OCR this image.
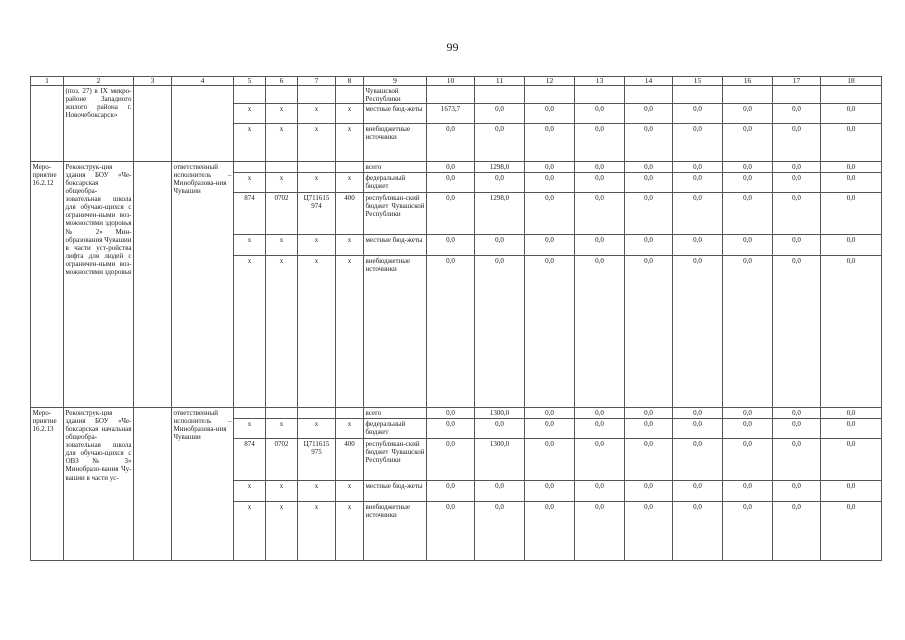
99
1	2	3	4	5	6	7	8	9	10	11	12	13	14	15	16	17	18
	(поз. 27) в IX микро-районе Западного жилого района г. Новочебоксарск»							Чувашской Республики									
				x	x	x	x	местные бюд-жеты	1673,7	0,0	0,0	0,0	0,0	0,0	0,0	0,0	0,0
				x	x	x	x	внебюджетные источники	0,0	0,0	0,0	0,0	0,0	0,0	0,0	0,0	0,0
Меро-приятие 16.2.12	Реконструк-ция здания БОУ «Че-боксарская общеобра-зовательная школа для обучаю-щихся с ограничен-ными воз-можностями здоровья № 2» Мин-образования Чувашии в части уст-ройства лифта для людей с ограничен-ными воз-можностями здоровья		ответственный исполнитель – Минобразова-ния Чувашии					всего	0,0	1298,0	0,0	0,0	0,0	0,0	0,0	0,0	0,0
				x	x	x	x	федеральный бюджет	0,0	0,0	0,0	0,0	0,0	0,0	0,0	0,0	0,0
				874	0702	Ц711615 974	400	республикан-ский бюджет Чувашской Республики	0,0	1298,0	0,0	0,0	0,0	0,0	0,0	0,0	0,0
				x	x	x	x	местные бюд-жеты	0,0	0,0	0,0	0,0	0,0	0,0	0,0	0,0	0,0
				x	x	x	x	внебюджетные источники	0,0	0,0	0,0	0,0	0,0	0,0	0,0	0,0	0,0
Меро-приятие 16.2.13	Реконструк-ция здания БОУ «Че-боксарская начальная общеобра-зовательная школа для обучаю-щихся с ОВЗ № 3» Минобразо-вания Чу-вашии в части ус-		ответственный исполнитель – Минобразова-ния Чувашии					всего	0,0	1300,0	0,0	0,0	0,0	0,0	0,0	0,0	0,0
				x	x	x	x	федеральный бюджет	0,0	0,0	0,0	0,0	0,0	0,0	0,0	0,0	0,0
				874	0702	Ц711615 975	400	республикан-ский бюджет Чувашской Республики	0,0	1300,0	0,0	0,0	0,0	0,0	0,0	0,0	0,0
				x	x	x	x	местные бюд-жеты	0,0	0,0	0,0	0,0	0,0	0,0	0,0	0,0	0,0
				x	x	x	x	внебюджетные источники	0,0	0,0	0,0	0,0	0,0	0,0	0,0	0,0	0,0
